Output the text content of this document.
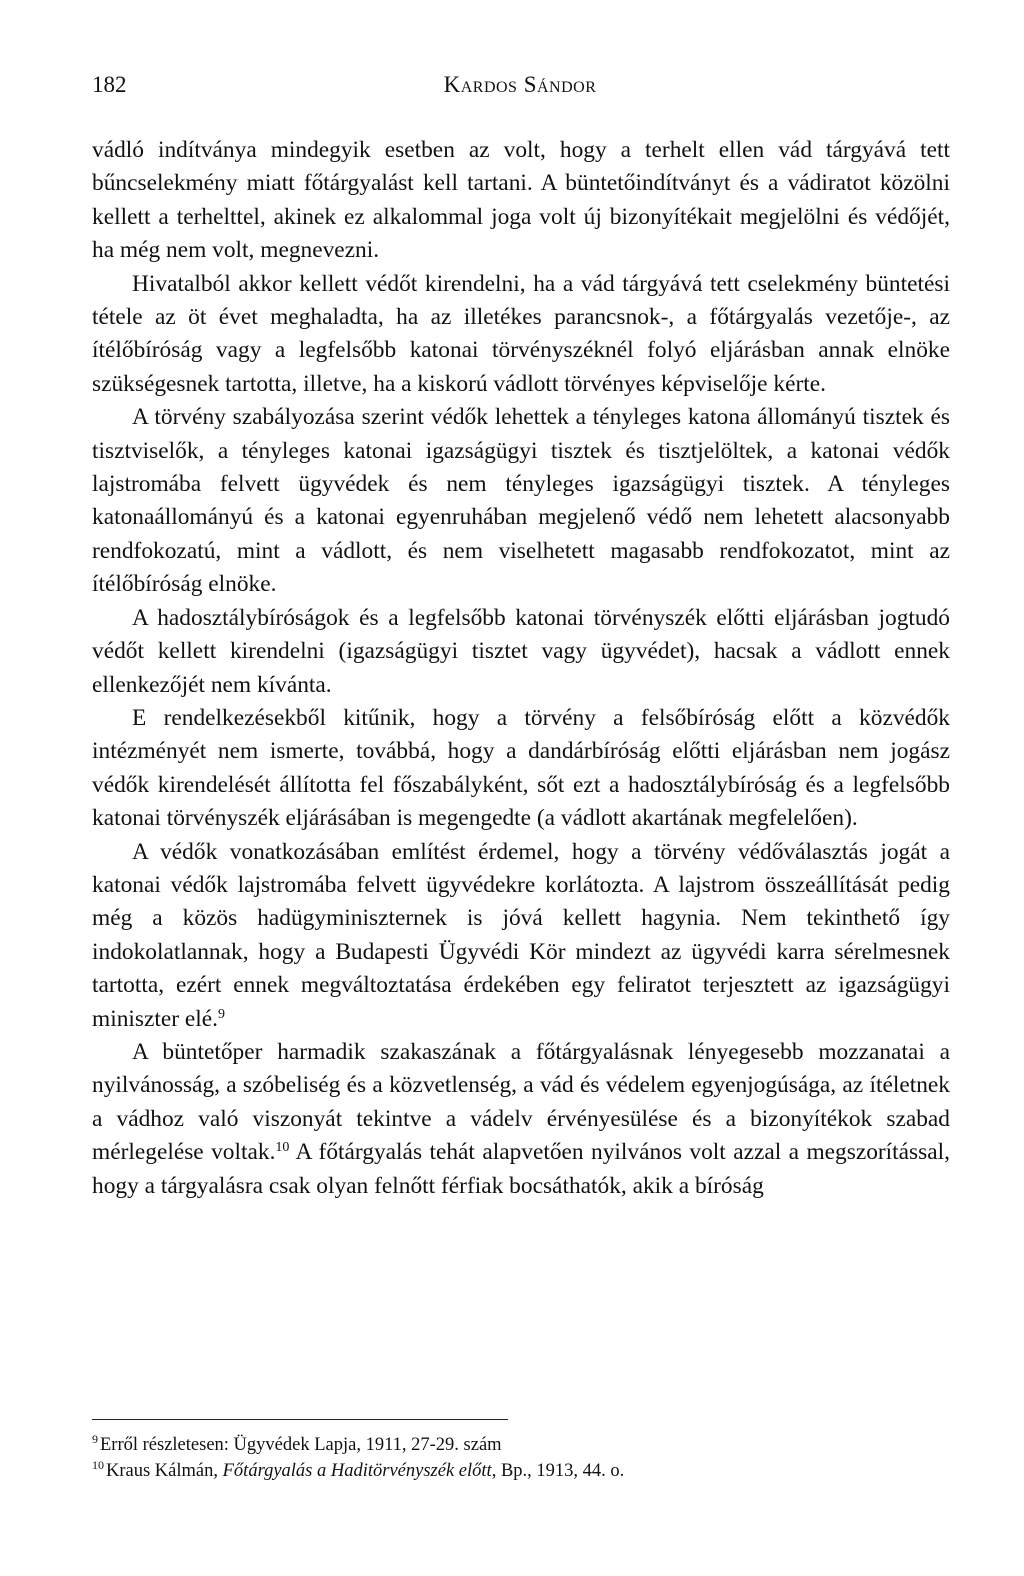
182	Kardos Sándor

vádló indítványa mindegyik esetben az volt, hogy a terhelt ellen vád tárgyává tett bűncselekmény miatt főtárgyalást kell tartani. A büntetőindítványt és a vádiratot közölni kellett a terhelttel, akinek ez alkalommal joga volt új bizonyítékait megjelölni és védőjét, ha még nem volt, megnevezni.

Hivatalból akkor kellett védőt kirendelni, ha a vád tárgyává tett cselekmény büntetési tétele az öt évet meghaladta, ha az illetékes parancsnok-, a főtárgyalás vezetője-, az ítélőbíróság vagy a legfelsőbb katonai törvényszéknél folyó eljárásban annak elnöke szükségesnek tartotta, illetve, ha a kiskorú vádlott törvényes képviselője kérte.

A törvény szabályozása szerint védők lehettek a tényleges katona állományú tisztek és tisztviselők, a tényleges katonai igazságügyi tisztek és tisztjelöltek, a katonai védők lajstromába felvett ügyvédek és nem tényleges igazságügyi tisztek. A tényleges katonaállományú és a katonai egyenruhában megjelenő védő nem lehetett alacsonyabb rendfokozatú, mint a vádlott, és nem viselhetett magasabb rendfokozatot, mint az ítélőbíróság elnöke.

A hadosztálybíróságok és a legfelsőbb katonai törvényszék előtti eljárásban jogtudó védőt kellett kirendelni (igazságügyi tisztet vagy ügyvédet), hacsak a vádlott ennek ellenkezőjét nem kívánta.

E rendelkezésekből kitűnik, hogy a törvény a felsőbíróság előtt a közvédők intézményét nem ismerte, továbbá, hogy a dandárbíróság előtti eljárásban nem jogász védők kirendelését állította fel főszabályként, sőt ezt a hadosztálybíróság és a legfelsőbb katonai törvényszék eljárásában is megengedte (a vádlott akartának megfelelően).

A védők vonatkozásában említést érdemel, hogy a törvény védőválasztás jogát a katonai védők lajstromába felvett ügyvédekre korlátozta. A lajstrom összeállítását pedig még a közös hadügyminiszternek is jóvá kellett hagynia. Nem tekinthető így indokolatlannak, hogy a Budapesti Ügyvédi Kör mindezt az ügyvédi karra sérelmesnek tartotta, ezért ennek megváltoztatása érdekében egy feliratot terjesztett az igazságügyi miniszter elé.$^9$

A büntetőper harmadik szakaszának a főtárgyalásnak lényegesebb mozzanatai a nyilvánosság, a szóbeliség és a közvetlenség, a vád és védelem egyenjogúsága, az ítéletnek a vádhoz való viszonyát tekintve a vádelv érvényesülése és a bizonyítékok szabad mérlegelése voltak.$^{10}$ A főtárgyalás tehát alapvetően nyilvános volt azzal a megszorítással, hogy a tárgyalásra csak olyan felnőtt férfiak bocsáthatók, akik a bíróság

$^9$ Erről részletesen: Ügyvédek Lapja, 1911, 27-29. szám
$^{10}$ Kraus Kálmán, Főtárgyalás a Haditörvényszék előtt, Bp., 1913, 44. o.
